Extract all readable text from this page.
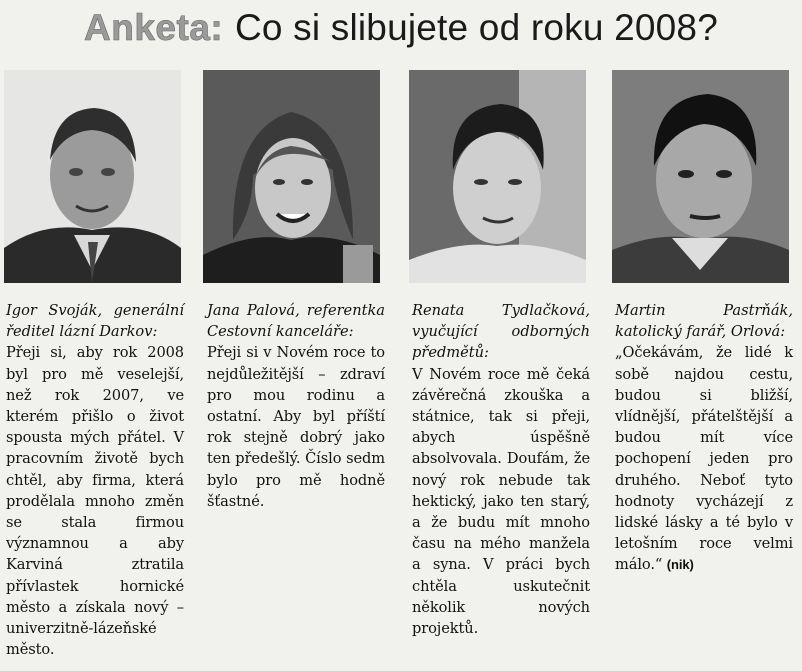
Anketa: Co si slibujete od roku 2008?

Igor Svoják, generální ředitel lázní Darkov:

Přeji si, aby rok 2008 byl pro mě veselejší, než rok 2007, ve kterém přišlo o život spousta mých přátel. V pracovním životě bych chtěl, aby firma, která prodělala mnoho změn se stala firmou významnou a aby Karviná ztratila přívlastek hornické město a získala nový – univerzitně-lázeňské město.

Jana Palová, referentka Cestovní kanceláře:

Přeji si v Novém roce to nejdůležitější – zdraví pro mou rodinu a ostatní. Aby byl příští rok stejně dobrý jako ten předešlý. Číslo sedm bylo pro mě hodně šťastné.

Renata Tydlačková, vyučující odborných předmětů:

V Novém roce mě čeká závěrečná zkouška a státnice, tak si přeji, abych úspěšně absolvovala. Doufám, že nový rok nebude tak hektický, jako ten starý, a že budu mít mnoho času na mého manžela a syna. V práci bych chtěla uskutečnit několik nových projektů.

Martin Pastrňák, katolický farář, Orlová:

„Očekávám, že lidé k sobě najdou cestu, budou si bližší, vlídnější, přátelštější a budou mít více pochopení jeden pro druhého. Neboť tyto hodnoty vycházejí z lidské lásky a té bylo v letošním roce velmi málo.“ (nik)
